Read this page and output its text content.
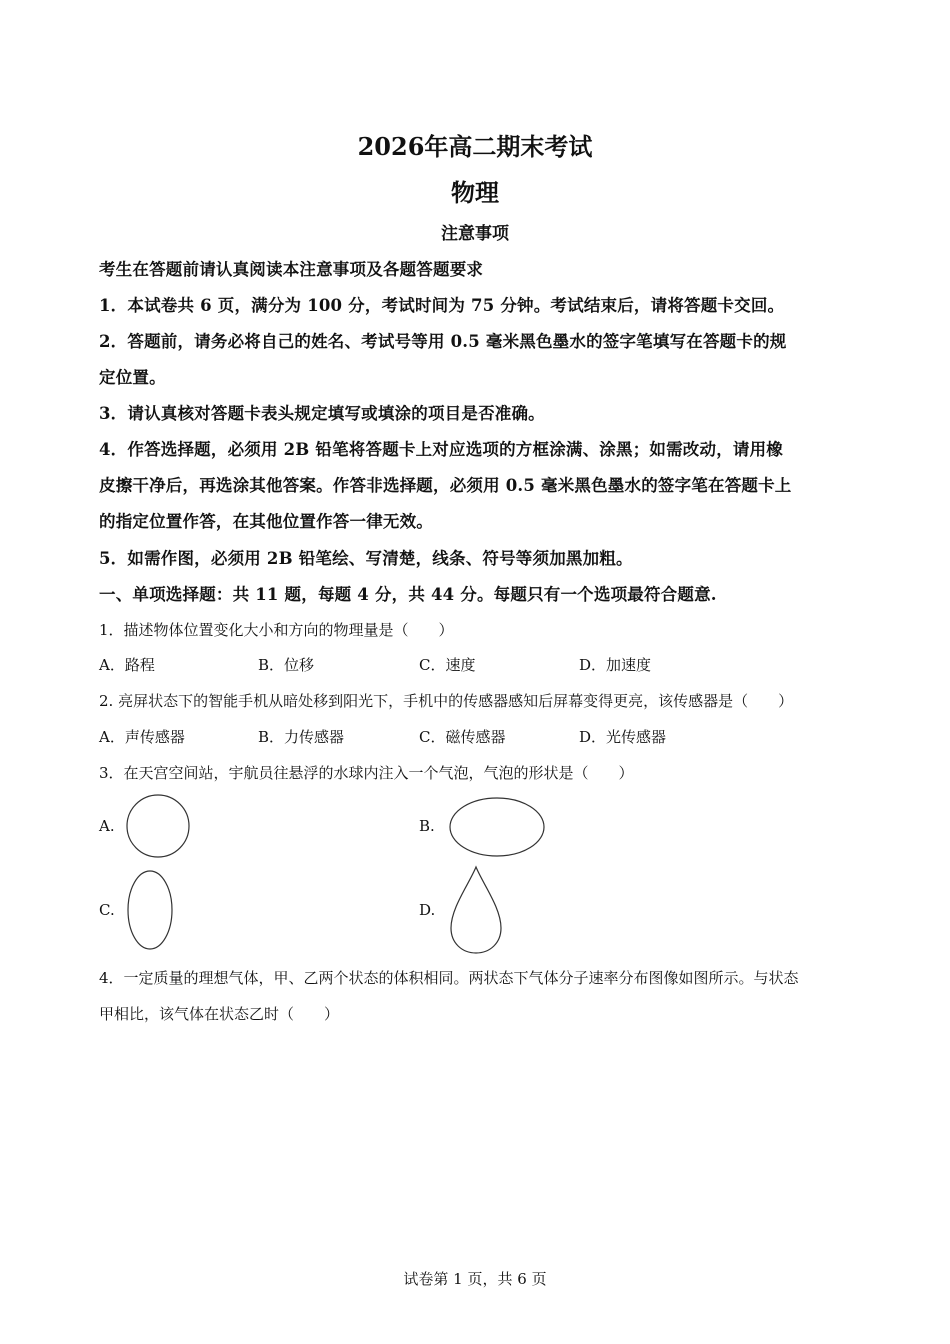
2026年高二期末考试
物理
注意事项
考生在答题前请认真阅读本注意事项及各题答题要求
1．本试卷共 6 页，满分为 100 分，考试时间为 75 分钟。考试结束后，请将答题卡交回。
2．答题前，请务必将自己的姓名、考试号等用 0.5 毫米黑色墨水的签字笔填写在答题卡的规
定位置。
3．请认真核对答题卡表头规定填写或填涂的项目是否准确。
4．作答选择题，必须用 2B 铅笔将答题卡上对应选项的方框涂满、涂黑；如需改动，请用橡
皮擦干净后，再选涂其他答案。作答非选择题，必须用 0.5 毫米黑色墨水的签字笔在答题卡上
的指定位置作答，在其他位置作答一律无效。
5．如需作图，必须用 2B 铅笔绘、写清楚，线条、符号等须加黑加粗。
一、单项选择题：共 11 题，每题 4 分，共 44 分。每题只有一个选项最符合题意.
1．描述物体位置变化大小和方向的物理量是（　　）
A．路程	B．位移	C．速度	D．加速度
2. 亮屏状态下的智能手机从暗处移到阳光下，手机中的传感器感知后屏幕变得更亮，该传感器是（　　）
A．声传感器	B．力传感器	C．磁传感器	D．光传感器
3．在天宫空间站，宇航员往悬浮的水球内注入一个气泡，气泡的形状是（　　）
A.	B.
C.	D.
4．一定质量的理想气体，甲、乙两个状态的体积相同。两状态下气体分子速率分布图像如图所示。与状态
甲相比，该气体在状态乙时（　　）
试卷第 1 页，共 6 页
